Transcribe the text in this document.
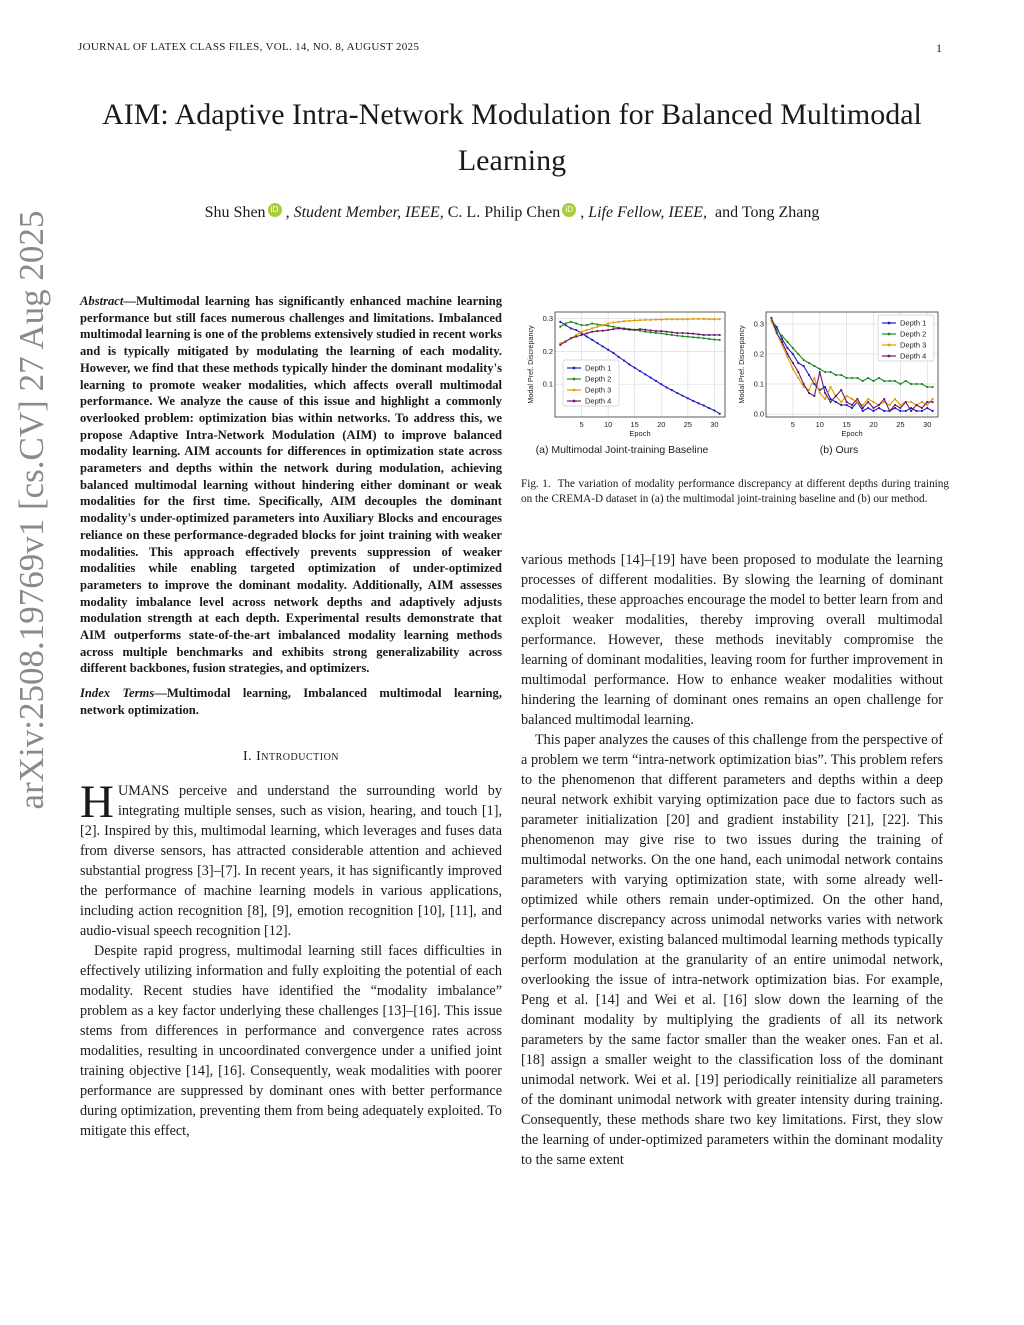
JOURNAL OF LATEX CLASS FILES, VOL. 14, NO. 8, AUGUST 2025	1
AIM: Adaptive Intra-Network Modulation for Balanced Multimodal Learning
Shu Shen iD , Student Member, IEEE, C. L. Philip Chen iD , Life Fellow, IEEE, and Tong Zhang
arXiv:2508.19769v1 [cs.CV] 27 Aug 2025	Abstract—Multimodal learning has significantly enhanced machine learning performance but still faces numerous challenges and limitations. Imbalanced multimodal learning is one of the problems extensively studied in recent works and is typically mitigated by modulating the learning of each modality. However, we find that these methods typically hinder the dominant modality's learning to promote weaker modalities, which affects overall multimodal performance. We analyze the cause of this issue and highlight a commonly overlooked problem: optimization bias within networks. To address this, we propose Adaptive Intra-Network Modulation (AIM) to improve balanced modality learning. AIM accounts for differences in optimization state across parameters and depths within the network during modulation, achieving balanced multimodal learning without hindering either dominant or weak modalities for the first time. Specifically, AIM decouples the dominant modality's under-optimized parameters into Auxiliary Blocks and encourages reliance on these performance-degraded blocks for joint training with weaker modalities. This approach effectively prevents suppression of weaker modalities while enabling targeted optimization of under-optimized parameters to improve the dominant modality. Additionally, AIM assesses modality imbalance level across network depths and adaptively adjusts modulation strength at each depth. Experimental results demonstrate that AIM outperforms state-of-the-art imbalanced modality learning methods across multiple benchmarks and exhibits strong generalizability across different backbones, fusion strategies, and optimizers.

Index Terms—Multimodal learning, Imbalanced multimodal learning, network optimization.

I. Introduction

HUMANS perceive and understand the surrounding world by integrating multiple senses, such as vision, hearing, and touch [1], [2]. Inspired by this, multimodal learning, which leverages and fuses data from diverse sensors, has attracted considerable attention and achieved substantial progress [3]–[7]. In recent years, it has significantly improved the performance of machine learning models in various applications, including action recognition [8], [9], emotion recognition [10], [11], and audio-visual speech recognition [12].

Despite rapid progress, multimodal learning still faces difficulties in effectively utilizing information and fully exploiting the potential of each modality. Recent studies have identified the “modality imbalance” problem as a key factor underlying these challenges [13]–[16]. This issue stems from differences in performance and convergence rates across modalities, resulting in uncoordinated convergence under a unified joint training objective [14], [16]. Consequently, weak modalities with poorer performance are suppressed by dominant ones with better performance during optimization, preventing them from being adequately exploited. To mitigate this effect,

5	10 15 20 25 30
0.1
0.2
0.3
Epoch
Modal Pref. Discrepancy	Depth 1
Depth 2
Depth 3
Depth 4
(a) Multimodal Joint-training Baseline
5	10 15 20 25 30
0.0
0.1
0.2
0.3
Epoch
Modal Pref. Discrepancy
Depth 1
Depth 2
Depth 3
Depth 4
(b) Ours
Fig. 1. The variation of modality performance discrepancy at different depths during training on the CREMA-D dataset in (a) the multimodal joint-training baseline and (b) our method.

various methods [14]–[19] have been proposed to modulate the learning processes of different modalities. By slowing the learning of dominant modalities, these approaches encourage the model to better learn from and exploit weaker modalities, thereby improving overall multimodal performance. However, these methods inevitably compromise the learning of dominant modalities, leaving room for further improvement in multimodal performance. How to enhance weaker modalities without hindering the learning of dominant ones remains an open challenge for balanced multimodal learning.

This paper analyzes the causes of this challenge from the perspective of a problem we term “intra-network optimization bias”. This problem refers to the phenomenon that different parameters and depths within a deep neural network exhibit varying optimization pace due to factors such as parameter initialization [20] and gradient instability [21], [22]. This phenomenon may give rise to two issues during the training of multimodal networks. On the one hand, each unimodal network contains parameters with varying optimization state, with some already well-optimized while others remain under-optimized. On the other hand, performance discrepancy across unimodal networks varies with network depth. However, existing balanced multimodal learning methods typically perform modulation at the granularity of an entire unimodal network, overlooking the issue of intra-network optimization bias. For example, Peng et al. [14] and Wei et al. [16] slow down the learning of the dominant modality by multiplying the gradients of all its network parameters by the same factor smaller than the weaker ones. Fan et al. [18] assign a smaller weight to the classification loss of the dominant unimodal network. Wei et al. [19] periodically reinitialize all parameters of the dominant unimodal network with greater intensity during training. Consequently, these methods share two key limitations. First, they slow the learning of under-optimized parameters within the dominant modality to the same extent
